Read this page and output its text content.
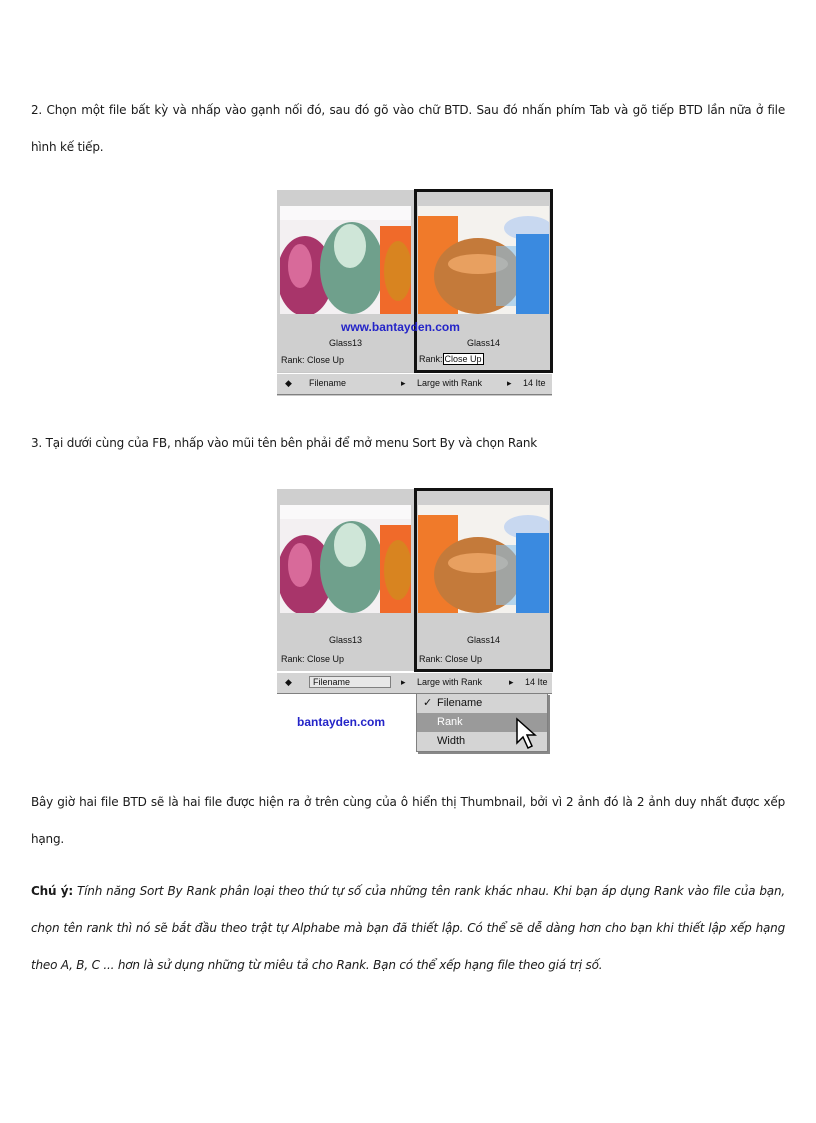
2. Chọn một file bất kỳ và nhấp vào gạnh nối đó, sau đó gõ vào chữ BTD. Sau đó nhấn phím Tab và gõ tiếp BTD lần nữa ở file hình kế tiếp.

Glass13
Rank: Close Up
Glass14
Rank: Close Up
www.bantayden.com
◆ Filename	▸ Large with Rank	▸ 14 Ite

3. Tại dưới cùng của FB, nhấp vào mũi tên bên phải để mở menu Sort By và chọn Rank

Glass13
Rank: Close Up
Glass14
Rank: Close Up
◆	Filename	▸ Large with Rank	▸ 14 Ite
bantayden.com
✓ Filename
Rank
Width

Bây giờ hai file BTD sẽ là hai file được hiện ra ở trên cùng của ô hiển thị Thumbnail, bởi vì 2 ảnh đó là 2 ảnh duy nhất được xếp hạng.

Chú ý: Tính năng Sort By Rank phân loại theo thứ tự số của những tên rank khác nhau. Khi bạn áp dụng Rank vào file của bạn, chọn tên rank thì nó sẽ bắt đầu theo trật tự Alphabe mà bạn đã thiết lập. Có thể sẽ dễ dàng hơn cho bạn khi thiết lập xếp hạng theo A, B, C ... hơn là sử dụng những từ miêu tả cho Rank. Bạn có thể xếp hạng file theo giá trị số.
